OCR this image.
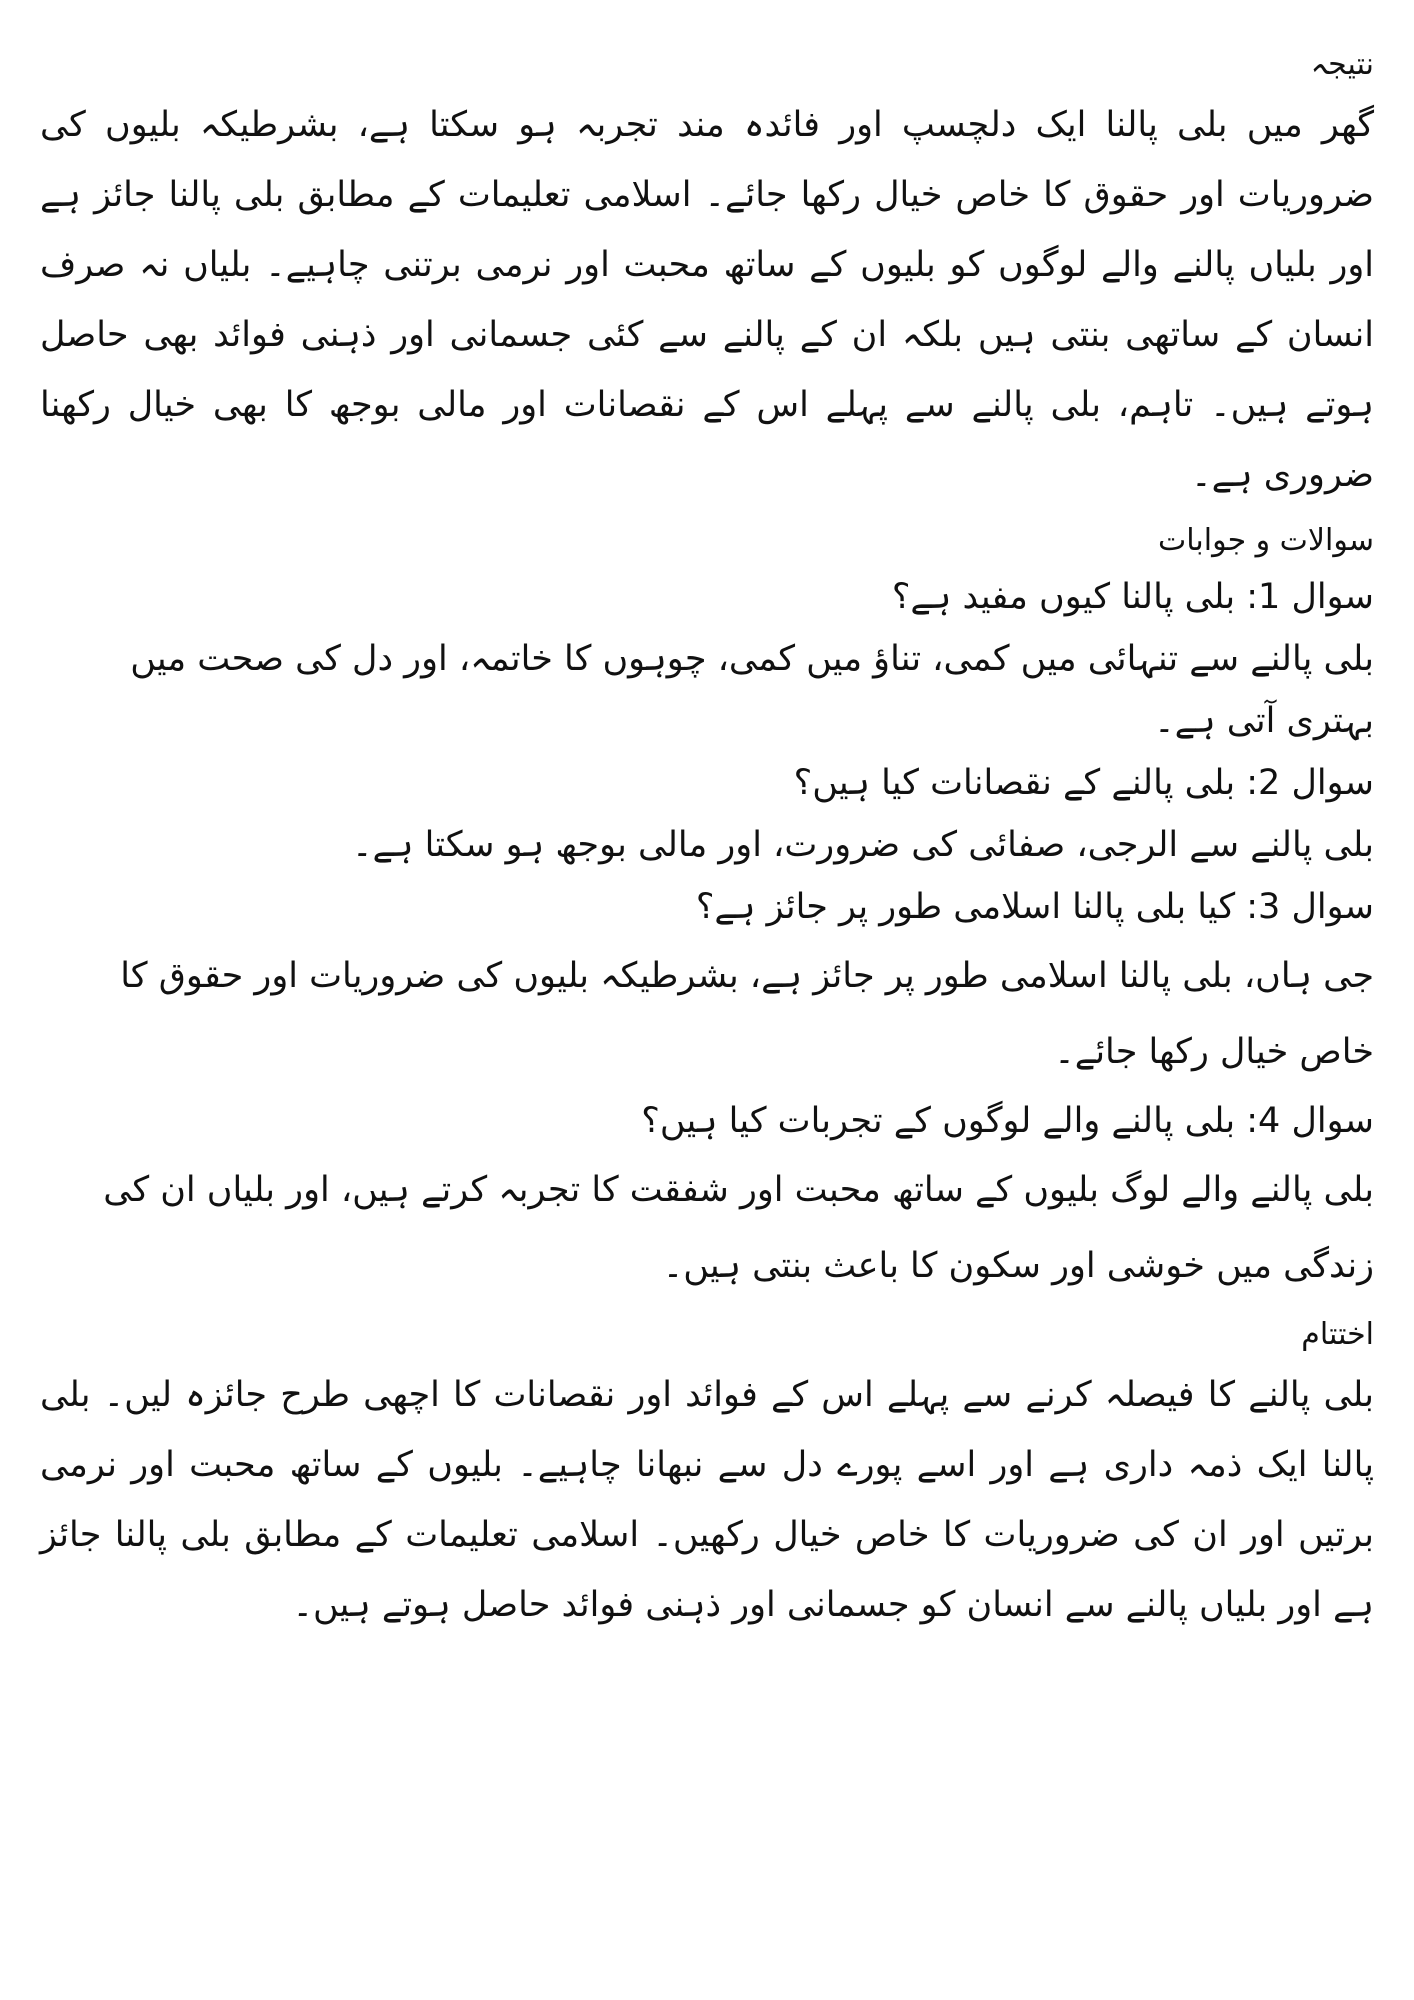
نتیجہ

گھر میں بلی پالنا ایک دلچسپ اور فائدہ مند تجربہ ہو سکتا ہے، بشرطیکہ بلیوں کی ضروریات اور حقوق کا خاص خیال رکھا جائے۔ اسلامی تعلیمات کے مطابق بلی پالنا جائز ہے اور بلیاں پالنے والے لوگوں کو بلیوں کے ساتھ محبت اور نرمی برتنی چاہیے۔ بلیاں نہ صرف انسان کے ساتھی بنتی ہیں بلکہ ان کے پالنے سے کئی جسمانی اور ذہنی فوائد بھی حاصل ہوتے ہیں۔ تاہم، بلی پالنے سے پہلے اس کے نقصانات اور مالی بوجھ کا بھی خیال رکھنا ضروری ہے۔

سوالات و جوابات

سوال 1: بلی پالنا کیوں مفید ہے؟

بلی پالنے سے تنہائی میں کمی، تناؤ میں کمی، چوہوں کا خاتمہ، اور دل کی صحت میں بہتری آتی ہے۔

سوال 2: بلی پالنے کے نقصانات کیا ہیں؟

بلی پالنے سے الرجی، صفائی کی ضرورت، اور مالی بوجھ ہو سکتا ہے۔

سوال 3: کیا بلی پالنا اسلامی طور پر جائز ہے؟

جی ہاں، بلی پالنا اسلامی طور پر جائز ہے، بشرطیکہ بلیوں کی ضروریات اور حقوق کا خاص خیال رکھا جائے۔

سوال 4: بلی پالنے والے لوگوں کے تجربات کیا ہیں؟

بلی پالنے والے لوگ بلیوں کے ساتھ محبت اور شفقت کا تجربہ کرتے ہیں، اور بلیاں ان کی زندگی میں خوشی اور سکون کا باعث بنتی ہیں۔

اختتام

بلی پالنے کا فیصلہ کرنے سے پہلے اس کے فوائد اور نقصانات کا اچھی طرح جائزہ لیں۔ بلی پالنا ایک ذمہ داری ہے اور اسے پورے دل سے نبھانا چاہیے۔ بلیوں کے ساتھ محبت اور نرمی برتیں اور ان کی ضروریات کا خاص خیال رکھیں۔ اسلامی تعلیمات کے مطابق بلی پالنا جائز ہے اور بلیاں پالنے سے انسان کو جسمانی اور ذہنی فوائد حاصل ہوتے ہیں۔
